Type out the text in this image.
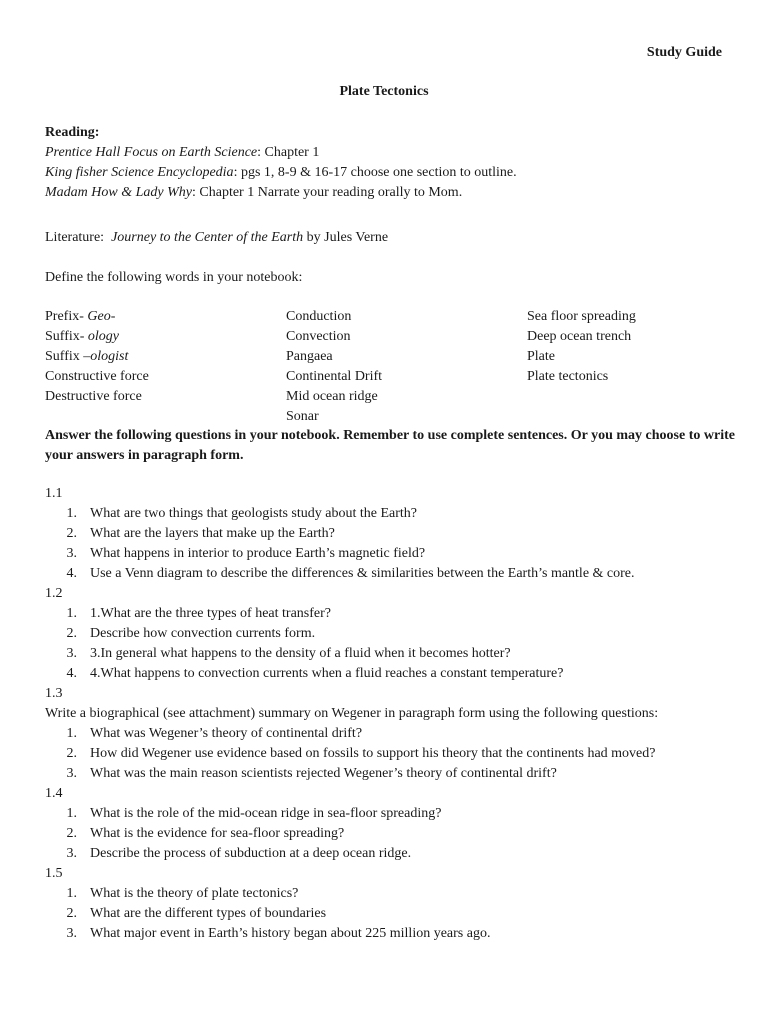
Study Guide
Plate Tectonics
Reading:
Prentice Hall Focus on Earth Science: Chapter 1
King fisher Science Encyclopedia: pgs 1, 8-9 & 16-17 choose one section to outline.
Madam How & Lady Why: Chapter 1 Narrate your reading orally to Mom.
Literature:  Journey to the Center of the Earth by Jules Verne
Define the following words in your notebook:
Prefix- Geo-
Suffix- ology
Suffix –ologist
Constructive force
Destructive force
Conduction
Convection
Pangaea
Continental Drift
Mid ocean ridge
Sonar
Sea floor spreading
Deep ocean trench
Plate
Plate tectonics
Answer the following questions in your notebook. Remember to use complete sentences. Or you may choose to write your answers in paragraph form.
1.1
1. What are two things that geologists study about the Earth?
2. What are the layers that make up the Earth?
3. What happens in interior to produce Earth’s magnetic field?
4. Use a Venn diagram to describe the differences & similarities between the Earth’s mantle & core.
1.2
1. 1.What are the three types of heat transfer?
2. Describe how convection currents form.
3. 3.In general what happens to the density of a fluid when it becomes hotter?
4. 4.What happens to convection currents when a fluid reaches a constant temperature?
1.3
Write a biographical (see attachment) summary on Wegener in paragraph form using the following questions:
1. What was Wegener’s theory of continental drift?
2. How did Wegener use evidence based on fossils to support his theory that the continents had moved?
3. What was the main reason scientists rejected Wegener’s theory of continental drift?
1.4
1. What is the role of the mid-ocean ridge in sea-floor spreading?
2. What is the evidence for sea-floor spreading?
3. Describe the process of subduction at a deep ocean ridge.
1.5
1. What is the theory of plate tectonics?
2. What are the different types of boundaries
3. What major event in Earth’s history began about 225 million years ago.
